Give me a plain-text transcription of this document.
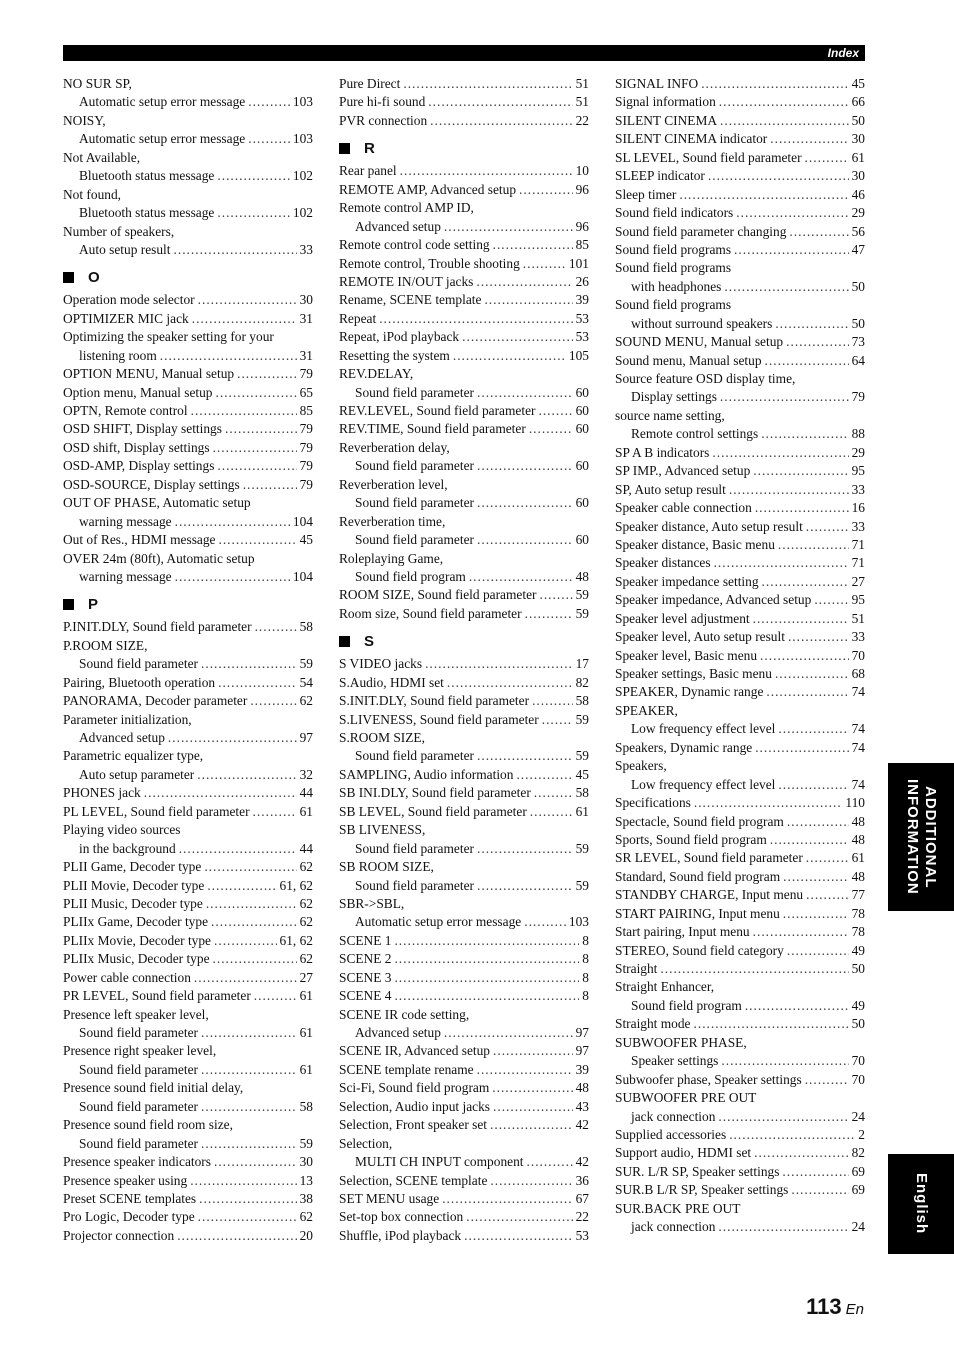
Index
NO SUR SP,
Automatic setup error message .....	103
NOISY,
Automatic setup error message .....	103
Not Available,
Bluetooth status message .....	102
Not found,
Bluetooth status message .....	102
Number of speakers,
Auto setup result .....	33
O
Operation mode selector .....	30
OPTIMIZER MIC jack .....	31
Optimizing the speaker setting for your
listening room .....	31
OPTION MENU, Manual setup .....	79
Option menu, Manual setup .....	65
OPTN, Remote control .....	85
OSD SHIFT, Display settings .....	79
OSD shift, Display settings .....	79
OSD-AMP, Display settings .....	79
OSD-SOURCE, Display settings .....	79
OUT OF PHASE, Automatic setup
warning message .....	104
Out of Res., HDMI message .....	45
OVER 24m (80ft), Automatic setup
warning message .....	104
P
P.INIT.DLY, Sound field parameter .....	58
P.ROOM SIZE,
Sound field parameter .....	59
Pairing, Bluetooth operation .....	54
PANORAMA, Decoder parameter .....	62
Parameter initialization,
Advanced setup .....	97
Parametric equalizer type,
Auto setup parameter .....	32
PHONES jack .....	44
PL LEVEL, Sound field parameter .....	61
Playing video sources
in the background .....	44
PLII Game, Decoder type .....	62
PLII Movie, Decoder type .....	61, 62
PLII Music, Decoder type .....	62
PLIIx Game, Decoder type .....	62
PLIIx Movie, Decoder type .....	61, 62
PLIIx Music, Decoder type .....	62
Power cable connection .....	27
PR LEVEL, Sound field parameter .....	61
Presence left speaker level,
Sound field parameter .....	61
Presence right speaker level,
Sound field parameter .....	61
Presence sound field initial delay,
Sound field parameter .....	58
Presence sound field room size,
Sound field parameter .....	59
Presence speaker indicators .....	30
Presence speaker using .....	13
Preset SCENE templates .....	38
Pro Logic, Decoder type .....	62
Projector connection .....	20
Pure Direct .....	51
Pure hi-fi sound .....	51
PVR connection .....	22
R
Rear panel .....	10
REMOTE AMP, Advanced setup .....	96
Remote control AMP ID,
Advanced setup .....	96
Remote control code setting .....	85
Remote control, Trouble shooting .....	101
REMOTE IN/OUT jacks .....	26
Rename, SCENE template .....	39
Repeat .....	53
Repeat, iPod playback .....	53
Resetting the system .....	105
REV.DELAY,
Sound field parameter .....	60
REV.LEVEL, Sound field parameter .....	60
REV.TIME, Sound field parameter .....	60
Reverberation delay,
Sound field parameter .....	60
Reverberation level,
Sound field parameter .....	60
Reverberation time,
Sound field parameter .....	60
Roleplaying Game,
Sound field program .....	48
ROOM SIZE, Sound field parameter .....	59
Room size, Sound field parameter .....	59
S
S VIDEO jacks .....	17
S.Audio, HDMI set .....	82
S.INIT.DLY, Sound field parameter .....	58
S.LIVENESS, Sound field parameter .....	59
S.ROOM SIZE,
Sound field parameter .....	59
SAMPLING, Audio information .....	45
SB INI.DLY, Sound field parameter .....	58
SB LEVEL, Sound field parameter .....	61
SB LIVENESS,
Sound field parameter .....	59
SB ROOM SIZE,
Sound field parameter .....	59
SBR->SBL,
Automatic setup error message .....	103
SCENE 1 .....	8
SCENE 2 .....	8
SCENE 3 .....	8
SCENE 4 .....	8
SCENE IR code setting,
Advanced setup .....	97
SCENE IR, Advanced setup .....	97
SCENE template rename .....	39
Sci-Fi, Sound field program .....	48
Selection, Audio input jacks .....	43
Selection, Front speaker set .....	42
Selection,
MULTI CH INPUT component .....	42
Selection, SCENE template .....	36
SET MENU usage .....	67
Set-top box connection .....	22
Shuffle, iPod playback .....	53
SIGNAL INFO .....	45
Signal information .....	66
SILENT CINEMA .....	50
SILENT CINEMA indicator .....	30
SL LEVEL, Sound field parameter .....	61
SLEEP indicator .....	30
Sleep timer .....	46
Sound field indicators .....	29
Sound field parameter changing .....	56
Sound field programs .....	47
Sound field programs
with headphones .....	50
Sound field programs
without surround speakers .....	50
SOUND MENU, Manual setup .....	73
Sound menu, Manual setup .....	64
Source feature OSD display time,
Display settings .....	79
source name setting,
Remote control settings .....	88
SP A B indicators .....	29
SP IMP., Advanced setup .....	95
SP, Auto setup result .....	33
Speaker cable connection .....	16
Speaker distance, Auto setup result .....	33
Speaker distance, Basic menu .....	71
Speaker distances .....	71
Speaker impedance setting .....	27
Speaker impedance, Advanced setup .....	95
Speaker level adjustment .....	51
Speaker level, Auto setup result .....	33
Speaker level, Basic menu .....	70
Speaker settings, Basic menu .....	68
SPEAKER, Dynamic range .....	74
SPEAKER,
Low frequency effect level .....	74
Speakers, Dynamic range .....	74
Speakers,
Low frequency effect level .....	74
Specifications .....	110
Spectacle, Sound field program .....	48
Sports, Sound field program .....	48
SR LEVEL, Sound field parameter .....	61
Standard, Sound field program .....	48
STANDBY CHARGE, Input menu .....	77
START PAIRING, Input menu .....	78
Start pairing, Input menu .....	78
STEREO, Sound field category .....	49
Straight .....	50
Straight Enhancer,
Sound field program .....	49
Straight mode .....	50
SUBWOOFER PHASE,
Speaker settings .....	70
Subwoofer phase, Speaker settings .....	70
SUBWOOFER PRE OUT
jack connection .....	24
Supplied accessories .....	2
Support audio, HDMI set .....	82
SUR. L/R SP, Speaker settings .....	69
SUR.B L/R SP, Speaker settings .....	69
SUR.BACK PRE OUT
jack connection .....	24
ADDITIONAL
INFORMATION
English
113 En
